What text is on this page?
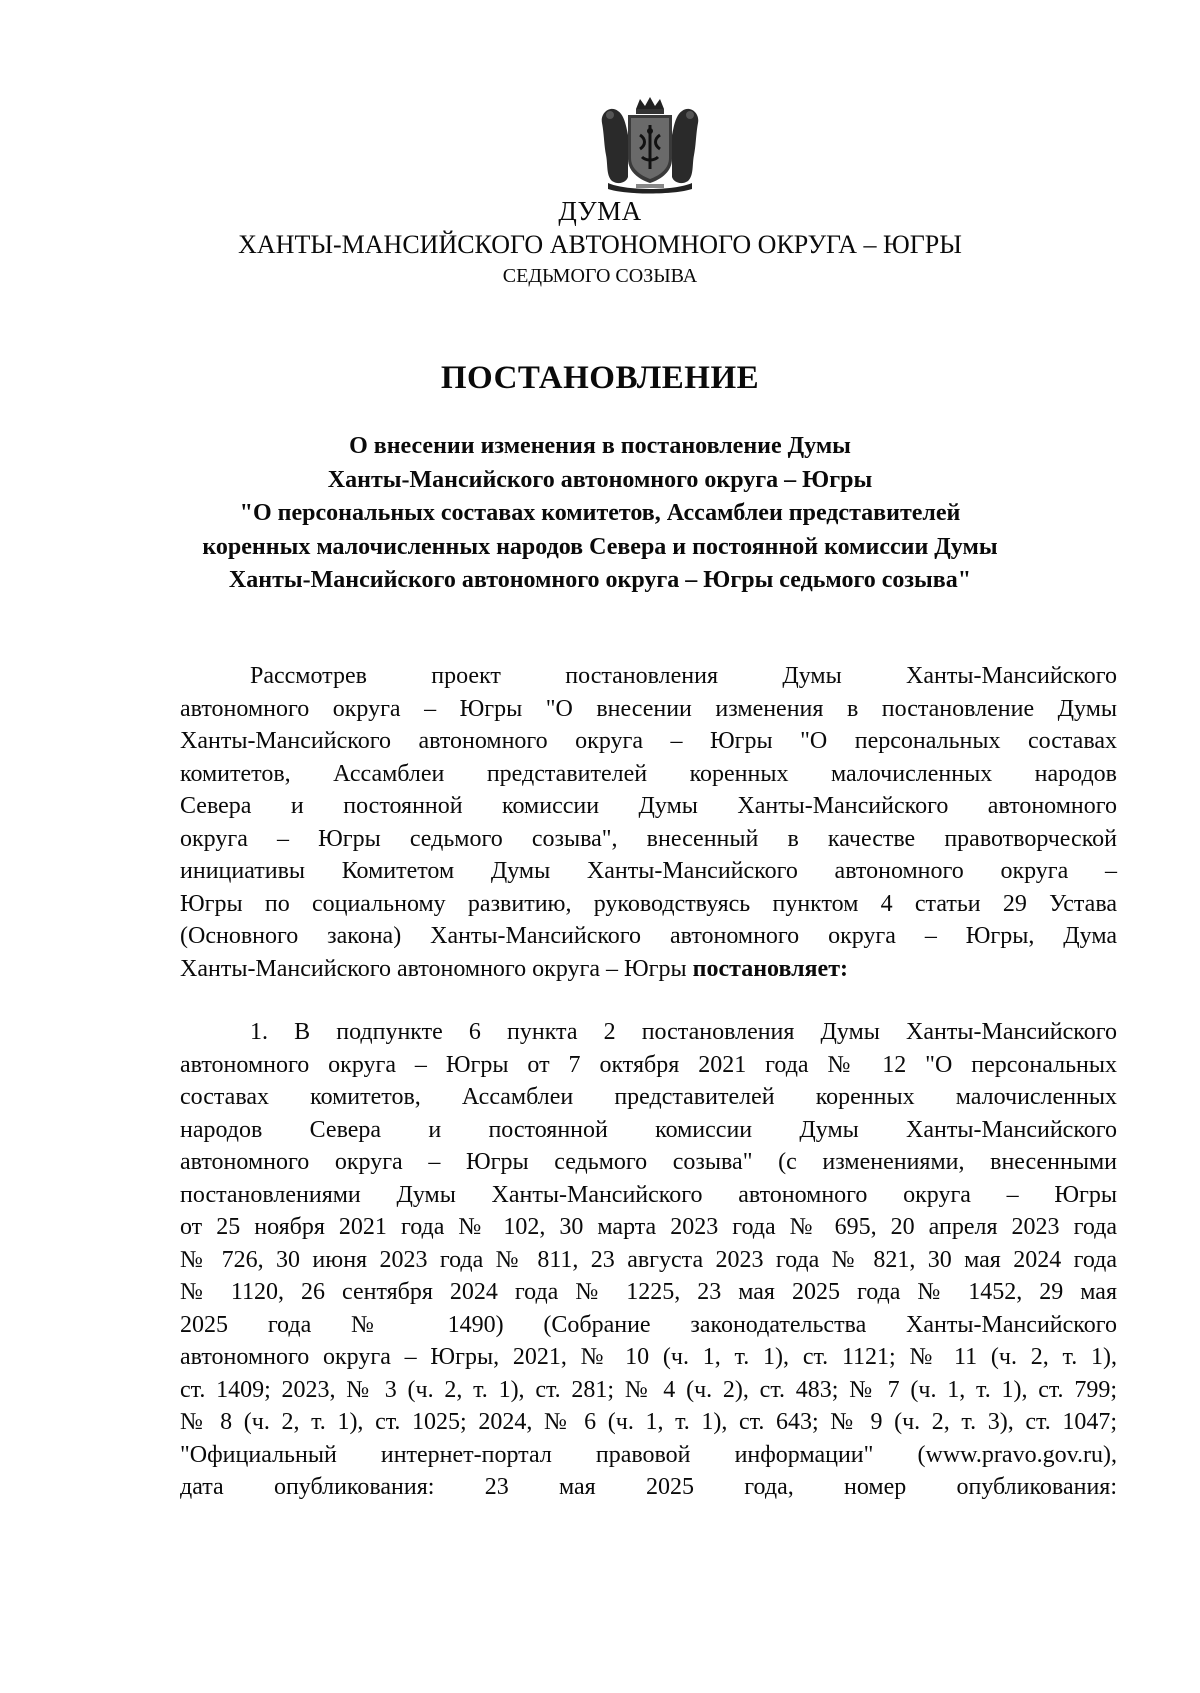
ДУМА
ХАНТЫ-МАНСИЙСКОГО АВТОНОМНОГО ОКРУГА – ЮГРЫ
СЕДЬМОГО СОЗЫВА
ПОСТАНОВЛЕНИЕ
О внесении изменения в постановление Думы
Ханты-Мансийского автономного округа – Югры
"О персональных составах комитетов, Ассамблеи представителей
коренных малочисленных народов Севера и постоянной комиссии Думы
Ханты-Мансийского автономного округа – Югры седьмого созыва"
Рассмотрев проект постановления Думы Ханты-Мансийского
автономного округа – Югры "О внесении изменения в постановление Думы
Ханты-Мансийского автономного округа – Югры "О персональных составах
комитетов, Ассамблеи представителей коренных малочисленных народов
Севера и постоянной комиссии Думы Ханты-Мансийского автономного
округа – Югры седьмого созыва", внесенный в качестве правотворческой
инициативы Комитетом Думы Ханты-Мансийского автономного округа –
Югры по социальному развитию, руководствуясь пунктом 4 статьи 29 Устава
(Основного закона) Ханты-Мансийского автономного округа – Югры, Дума
Ханты-Мансийского автономного округа – Югры постановляет:
1. В подпункте 6 пункта 2 постановления Думы Ханты-Мансийского
автономного округа – Югры от 7 октября 2021 года № 12 "О персональных
составах комитетов, Ассамблеи представителей коренных малочисленных
народов Севера и постоянной комиссии Думы Ханты-Мансийского
автономного округа – Югры седьмого созыва" (с изменениями, внесенными
постановлениями Думы Ханты-Мансийского автономного округа – Югры
от 25 ноября 2021 года № 102, 30 марта 2023 года № 695, 20 апреля 2023 года
№ 726, 30 июня 2023 года № 811, 23 августа 2023 года № 821, 30 мая 2024 года
№ 1120, 26 сентября 2024 года № 1225, 23 мая 2025 года № 1452, 29 мая
2025 года № 1490) (Собрание законодательства Ханты-Мансийского
автономного округа – Югры, 2021, № 10 (ч. 1, т. 1), ст. 1121; № 11 (ч. 2, т. 1),
ст. 1409; 2023, № 3 (ч. 2, т. 1), ст. 281; № 4 (ч. 2), ст. 483; № 7 (ч. 1, т. 1), ст. 799;
№ 8 (ч. 2, т. 1), ст. 1025; 2024, № 6 (ч. 1, т. 1), ст. 643; № 9 (ч. 2, т. 3), ст. 1047;
"Официальный интернет-портал правовой информации" (www.pravo.gov.ru),
дата опубликования: 23 мая 2025 года, номер опубликования:
